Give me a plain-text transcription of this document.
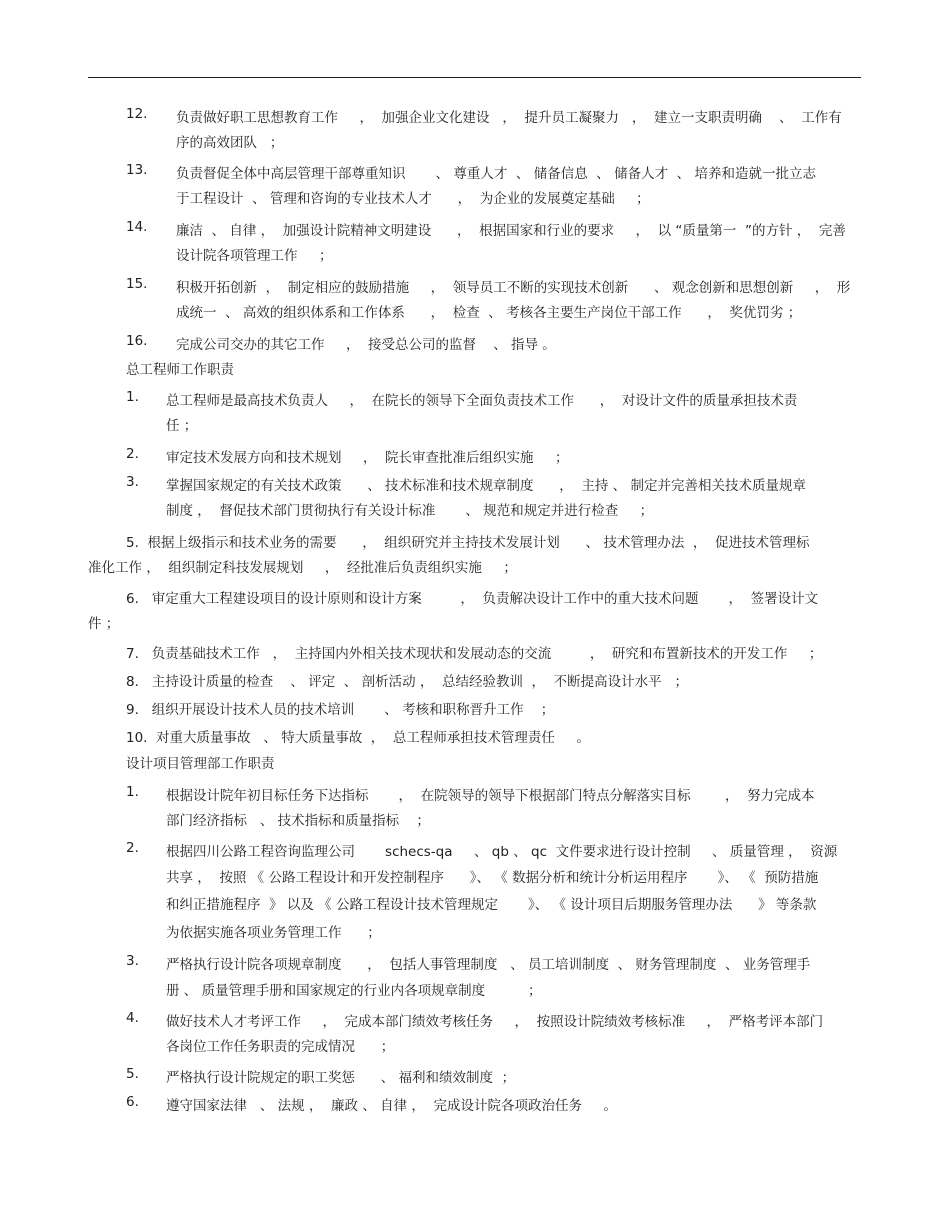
12. 负责做好职工思想教育工作     ，  加强企业文化建设   ，  提升员工凝聚力   ，  建立一支职责明确    、  工作有
序的高效团队   ；
13. 负责督促全体中高层管理干部尊重知识       、 尊重人才  、 储备信息  、 储备人才  、 培养和造就一批立志
于工程设计  、 管理和咨询的专业技术人才      ，  为企业的发展奠定基础     ；
14. 廉洁  、 自律 ，  加强设计院精神文明建设      ，  根据国家和行业的要求     ，  以 “质量第一  ”的方针 ，  完善
设计院各项管理工作     ；
15. 积极开拓创新  ，  制定相应的鼓励措施     ，  领导员工不断的实现技术创新      、 观念创新和思想创新     ，  形
成统一  、 高效的组织体系和工作体系      ，  检查  、 考核各主要生产岗位干部工作      ，  奖优罚劣 ；
16. 完成公司交办的其它工作     ，  接受总公司的监督    、 指导 。
总工程师工作职责
1. 总工程师是最高技术负责人     ，  在院长的领导下全面负责技术工作      ，  对设计文件的质量承担技术责
任 ；
2. 审定技术发展方向和技术规划     ，  院长审查批准后组织实施     ；
3. 掌握国家规定的有关技术政策      、 技术标准和技术规章制度      ，  主持 、 制定并完善相关技术质量规章
制度 ，  督促技术部门贯彻执行有关设计标准       、 规范和规定并进行检查     ；
5.  根据上级指示和技术业务的需要      ，  组织研究并主持技术发展计划      、 技术管理办法  ，  促进技术管理标
准化工作 ，  组织制定科技发展规划     ，  经批准后负责组织实施     ；
6.   审定重大工程建设项目的设计原则和设计方案         ，  负责解决设计工作中的重大技术问题       ，  签署设计文
件 ；
7.   负责基础技术工作   ，  主持国内外相关技术现状和发展动态的交流         ，  研究和布置新技术的开发工作     ；
8.   主持设计质量的检查    、 评定  、 剖析活动 ，  总结经验教训  ，  不断提高设计水平   ；
9.   组织开展设计技术人员的技术培训       、 考核和职称晋升工作    ；
10.  对重大质量事故   、 特大质量事故  ，  总工程师承担技术管理责任     。
设计项目管理部工作职责
1. 根据设计院年初目标任务下达指标       ，  在院领导的领导下根据部门特点分解落实目标        ，  努力完成本
部门经济指标   、 技术指标和质量指标    ；
2. 根据四川公路工程咨询监理公司       schecs-qa     、 qb 、 qc  文件要求进行设计控制     、 质量管理 ，  资源
共享 ，  按照 《 公路工程设计和开发控制程序      》、 《 数据分析和统计分析运用程序       》、 《  预防措施
和纠正措施程序  》 以及 《 公路工程设计技术管理规定       》、 《 设计项目后期服务管理办法      》 等条款
为依据实施各项业务管理工作      ；
3. 严格执行设计院各项规章制度      ，  包括人事管理制度   、 员工培训制度  、 财务管理制度  、 业务管理手
册 、 质量管理手册和国家规定的行业内各项规章制度          ；
4. 做好技术人才考评工作     ，  完成本部门绩效考核任务     ，  按照设计院绩效考核标准     ，  严格考评本部门
各岗位工作任务职责的完成情况      ；
5. 严格执行设计院规定的职工奖惩      、 福利和绩效制度  ；
6. 遵守国家法律   、 法规 ，  廉政 、 自律 ，  完成设计院各项政治任务     。
